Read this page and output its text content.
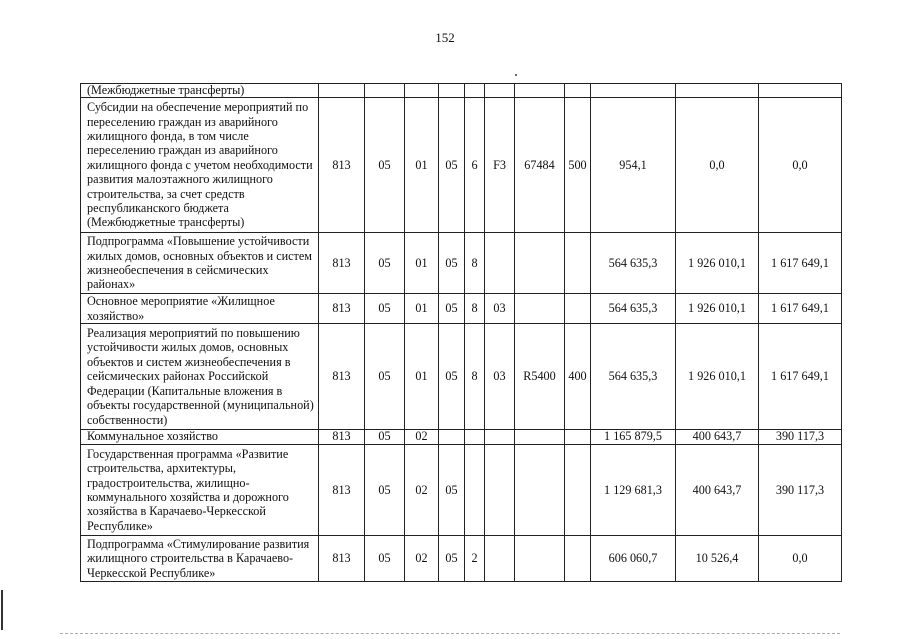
152
(Межбюджетные трансферты)											
Субсидии на обеспечение мероприятий по переселению граждан из аварийного жилищного фонда, в том числе переселению граждан из аварийного жилищного фонда с учетом необходимости развития малоэтажного жилищного строительства, за счет средств республиканского бюджета (Межбюджетные трансферты)	813	05	01	05	6	F3	67484	500	954,1	0,0	0,0
Подпрограмма «Повышение устойчивости жилых домов, основных объектов и систем жизнеобеспечения в сейсмических районах»	813	05	01	05	8				564 635,3	1 926 010,1	1 617 649,1
Основное мероприятие «Жилищное хозяйство»	813	05	01	05	8	03			564 635,3	1 926 010,1	1 617 649,1
Реализация мероприятий по повышению устойчивости жилых домов, основных объектов и систем жизнеобеспечения в сейсмических районах Российской Федерации (Капитальные вложения в объекты государственной (муниципальной) собственности)	813	05	01	05	8	03	R5400	400	564 635,3	1 926 010,1	1 617 649,1
Коммунальное хозяйство	813	05	02						1 165 879,5	400 643,7	390 117,3
Государственная программа «Развитие строительства, архитектуры, градостроительства, жилищно-коммунального хозяйства и дорожного хозяйства в Карачаево-Черкесской Республике»	813	05	02	05					1 129 681,3	400 643,7	390 117,3
Подпрограмма «Стимулирование развития жилищного строительства в Карачаево-Черкесской Республике»	813	05	02	05	2				606 060,7	10 526,4	0,0
